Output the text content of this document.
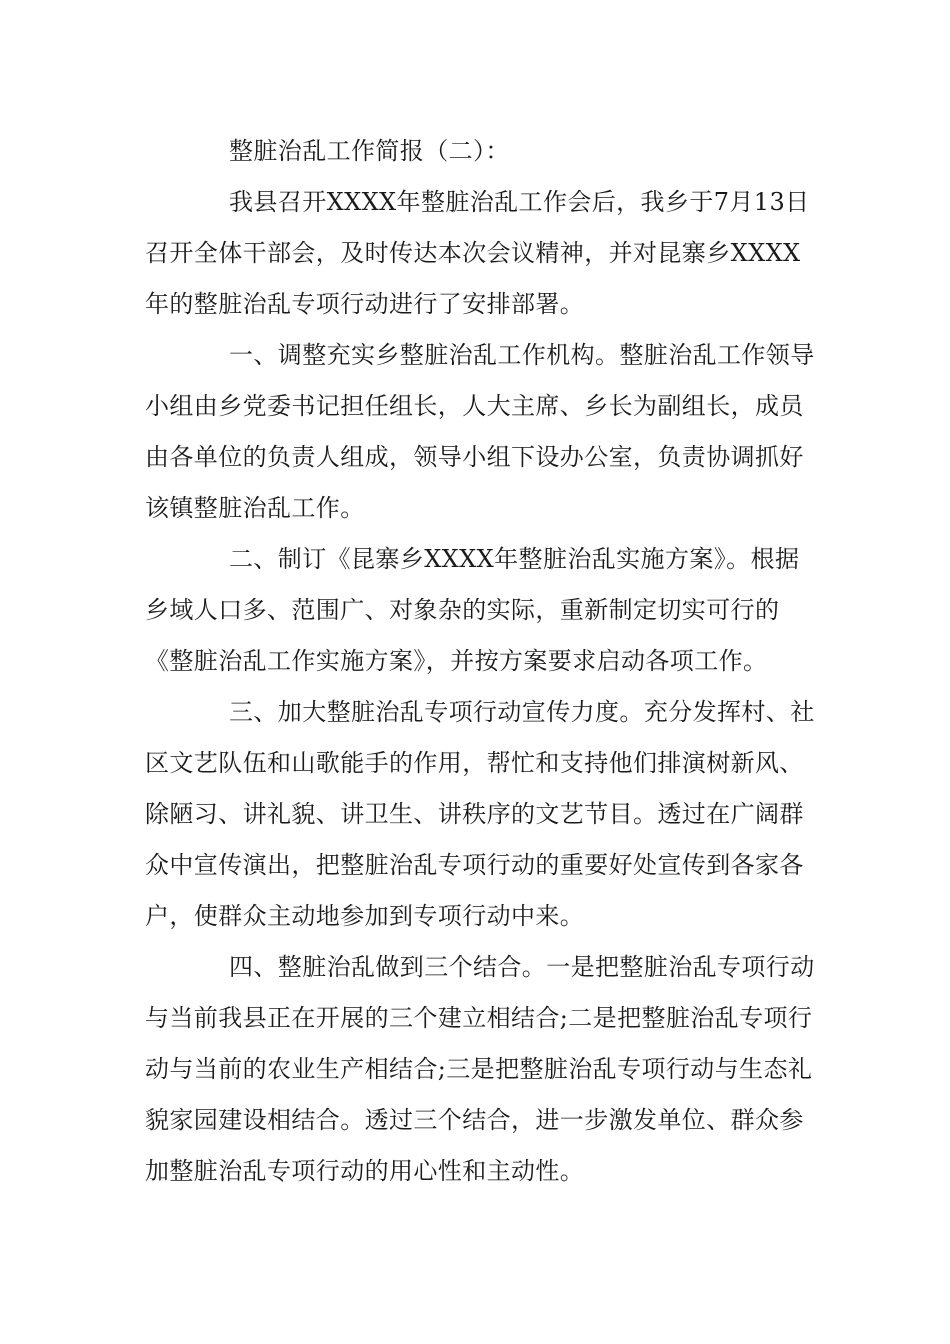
整脏治乱工作简报（二）：

我县召开XXXX年整脏治乱工作会后，我乡于7月13日召开全体干部会，及时传达本次会议精神，并对昆寨乡XXXX年的整脏治乱专项行动进行了安排部署。

一、调整充实乡整脏治乱工作机构。整脏治乱工作领导小组由乡党委书记担任组长，人大主席、乡长为副组长，成员由各单位的负责人组成，领导小组下设办公室，负责协调抓好该镇整脏治乱工作。

二、制订《昆寨乡XXXX年整脏治乱实施方案》。根据乡域人口多、范围广、对象杂的实际，重新制定切实可行的《整脏治乱工作实施方案》，并按方案要求启动各项工作。

三、加大整脏治乱专项行动宣传力度。充分发挥村、社区文艺队伍和山歌能手的作用，帮忙和支持他们排演树新风、除陋习、讲礼貌、讲卫生、讲秩序的文艺节目。透过在广阔群众中宣传演出，把整脏治乱专项行动的重要好处宣传到各家各户，使群众主动地参加到专项行动中来。

四、整脏治乱做到三个结合。一是把整脏治乱专项行动与当前我县正在开展的三个建立相结合;二是把整脏治乱专项行动与当前的农业生产相结合;三是把整脏治乱专项行动与生态礼貌家园建设相结合。透过三个结合，进一步激发单位、群众参加整脏治乱专项行动的用心性和主动性。
